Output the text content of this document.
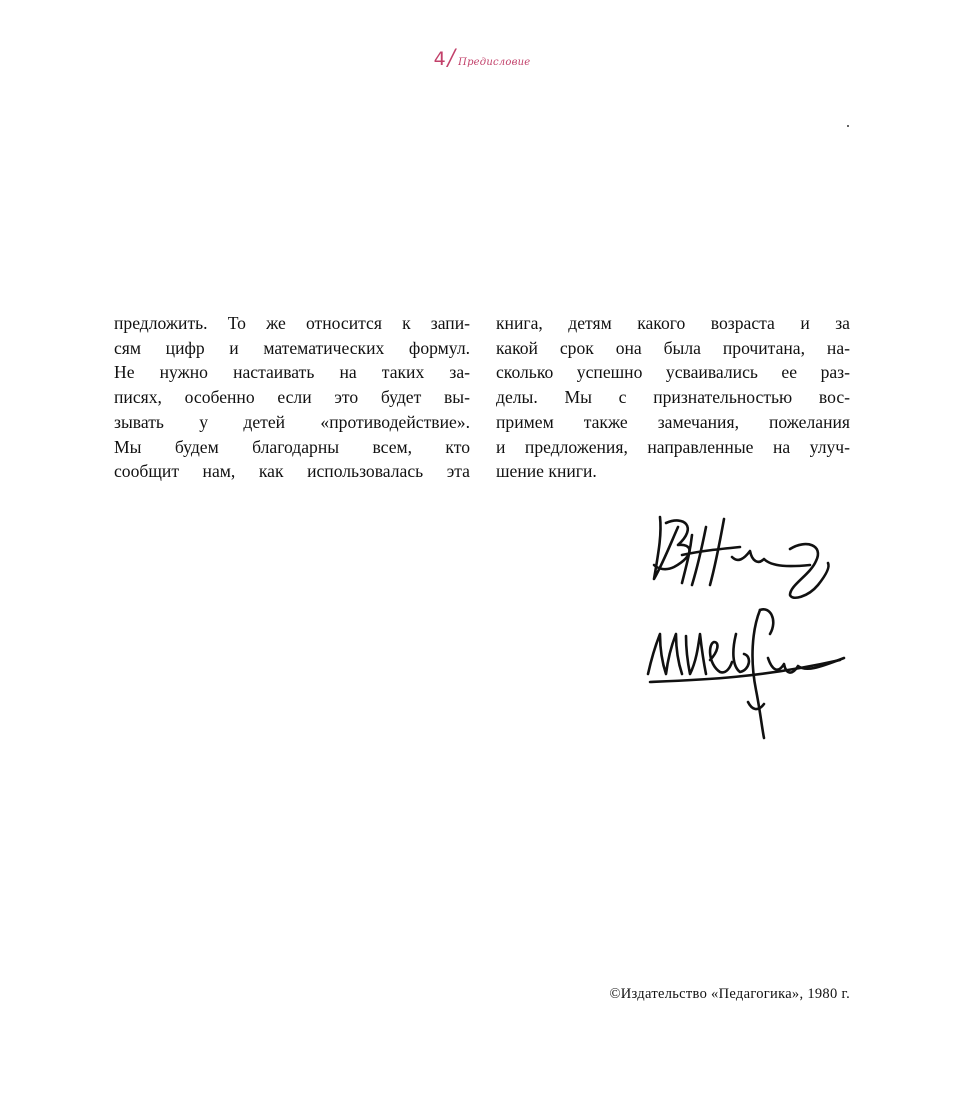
4/ Предисловие
предложить. То же относится к запи-
сям цифр и математических формул.
Не нужно настаивать на таких за-
писях, особенно если это будет вы-
зывать у детей «противодействие».
Мы будем благодарны всем, кто
сообщит нам, как использовалась эта
книга, детям какого возраста и за
какой срок она была прочитана, на-
сколько успешно усваивались ее раз-
делы. Мы с признательностью вос-
примем также замечания, пожелания
и предложения, направленные на улуч-
шение книги.
©Издательство «Педагогика», 1980 г.
